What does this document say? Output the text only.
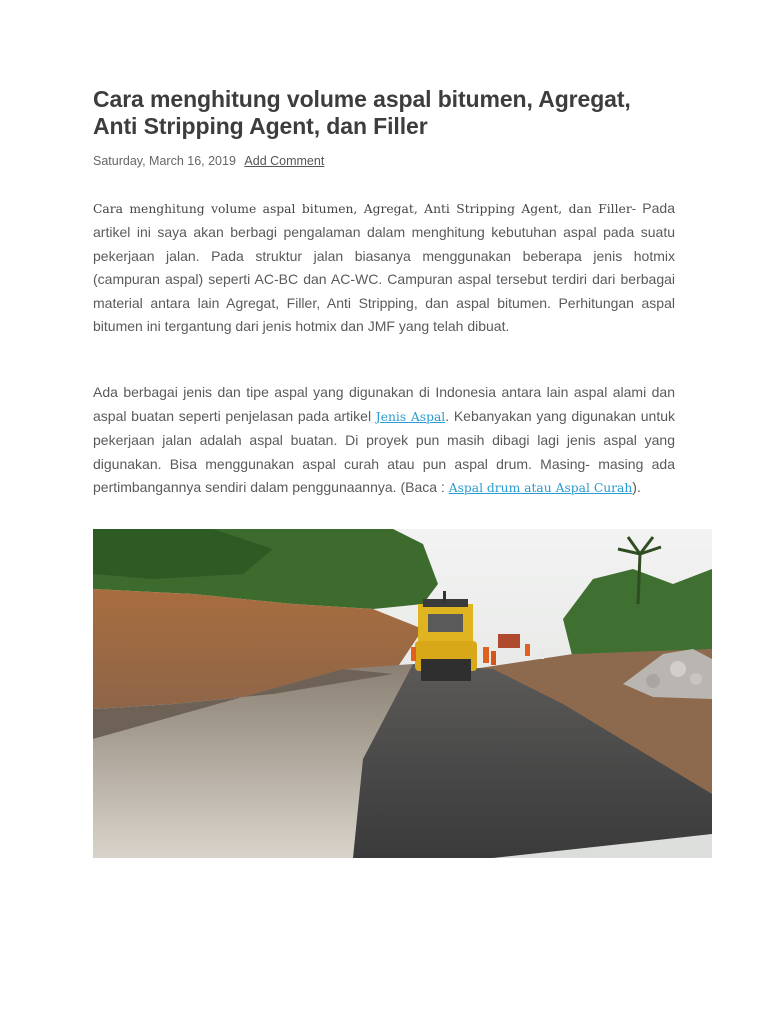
Cara menghitung volume aspal bitumen, Agregat,
Anti Stripping Agent, dan Filler
Saturday, March 16, 2019 Add Comment

Cara menghitung volume aspal bitumen, Agregat, Anti Stripping Agent, dan Filler- Pada artikel ini saya akan berbagi pengalaman dalam menghitung kebutuhan aspal pada suatu pekerjaan jalan. Pada struktur jalan biasanya menggunakan beberapa jenis hotmix (campuran aspal) seperti AC-BC dan AC-WC. Campuran aspal tersebut terdiri dari berbagai material antara lain Agregat, Filler, Anti Stripping, dan aspal bitumen. Perhitungan aspal bitumen ini tergantung dari jenis hotmix dan JMF yang telah dibuat.

Ada berbagai jenis dan tipe aspal yang digunakan di Indonesia antara lain aspal alami dan aspal buatan seperti penjelasan pada artikel Jenis Aspal. Kebanyakan yang digunakan untuk pekerjaan jalan adalah aspal buatan. Di proyek pun masih dibagi lagi jenis aspal yang digunakan. Bisa menggunakan aspal curah atau pun aspal drum. Masing- masing ada pertimbangannya sendiri dalam penggunaannya. (Baca : Aspal drum atau Aspal Curah).
